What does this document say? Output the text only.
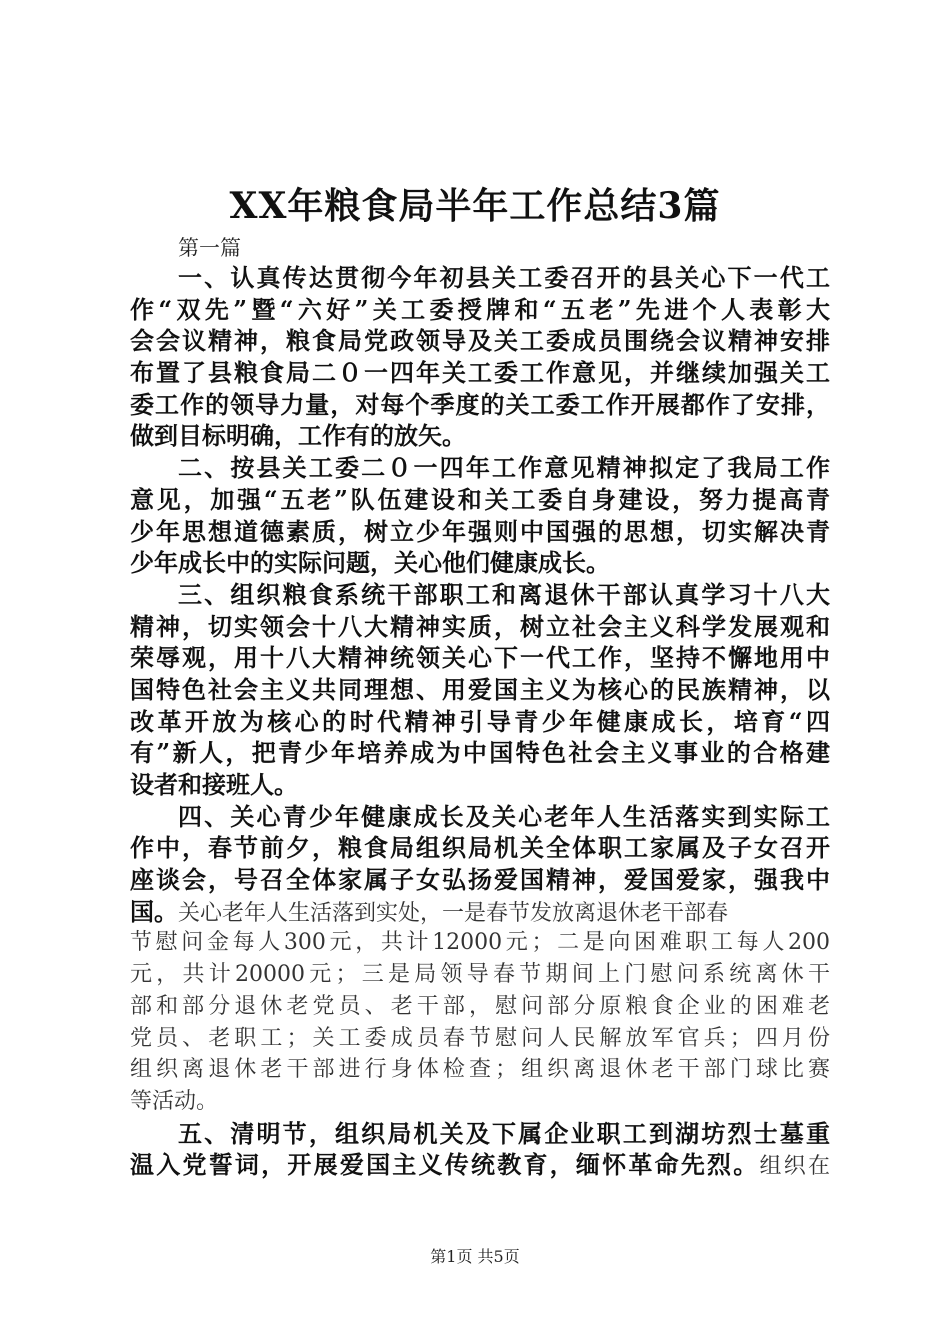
XX年粮食局半年工作总结3篇
第一篇
一、认真传达贯彻今年初县关工委召开的县关心下一代工
作“双先”暨“六好”关工委授牌和“五老”先进个人表彰大
会会议精神，粮食局党政领导及关工委成员围绕会议精神安排
布置了县粮食局二０一四年关工委工作意见，并继续加强关工
委工作的领导力量，对每个季度的关工委工作开展都作了安排，
做到目标明确，工作有的放矢。
二、按县关工委二０一四年工作意见精神拟定了我局工作
意见，加强“五老”队伍建设和关工委自身建设，努力提高青
少年思想道德素质，树立少年强则中国强的思想，切实解决青
少年成长中的实际问题，关心他们健康成长。
三、组织粮食系统干部职工和离退休干部认真学习十八大
精神，切实领会十八大精神实质，树立社会主义科学发展观和
荣辱观，用十八大精神统领关心下一代工作，坚持不懈地用中
国特色社会主义共同理想、用爱国主义为核心的民族精神，以
改革开放为核心的时代精神引导青少年健康成长，培育“四
有”新人，把青少年培养成为中国特色社会主义事业的合格建
设者和接班人。
四、关心青少年健康成长及关心老年人生活落实到实际工
作中，春节前夕，粮食局组织局机关全体职工家属及子女召开
座谈会，号召全体家属子女弘扬爱国精神，爱国爱家，强我中
国。关心老年人生活落到实处，一是春节发放离退休老干部春
节慰问金每人300元，共计12000元；二是向困难职工每人200
元，共计20000元；三是局领导春节期间上门慰问系统离休干
部和部分退休老党员、老干部，慰问部分原粮食企业的困难老
党员、老职工；关工委成员春节慰问人民解放军官兵；四月份
组织离退休老干部进行身体检查；组织离退休老干部门球比赛
等活动。
五、清明节，组织局机关及下属企业职工到湖坊烈士墓重
温入党誓词，开展爱国主义传统教育，缅怀革命先烈。组织在
第1页 共5页
